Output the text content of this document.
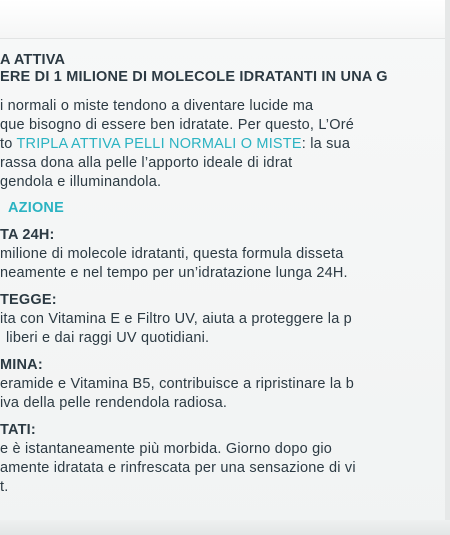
A ATTIVA
ERE DI 1 MILIONE DI MOLECOLE IDRATANTI IN UNA G
i normali o miste tendono a diventare lucide ma
que bisogno di essere ben idratate. Per questo, L’Oré
to TRIPLA ATTIVA PELLI NORMALI O MISTE: la sua
rassa dona alla pelle l’apporto ideale di idrat
gendola e illuminandola.
AZIONE
TA 24H:
milione di molecole idratanti, questa formula disseta
neamente e nel tempo per un’idratazione lunga 24H.
TEGGE:
ita con Vitamina E e Filtro UV, aiuta a proteggere la p
liberi e dai raggi UV quotidiani.
MINA:
eramide e Vitamina B5, contribuisce a ripristinare la b
iva della pelle rendendola radiosa.
TATI:
e è istantaneamente più morbida. Giorno dopo gio
amente idratata e rinfrescata per una sensazione di vi
t.
